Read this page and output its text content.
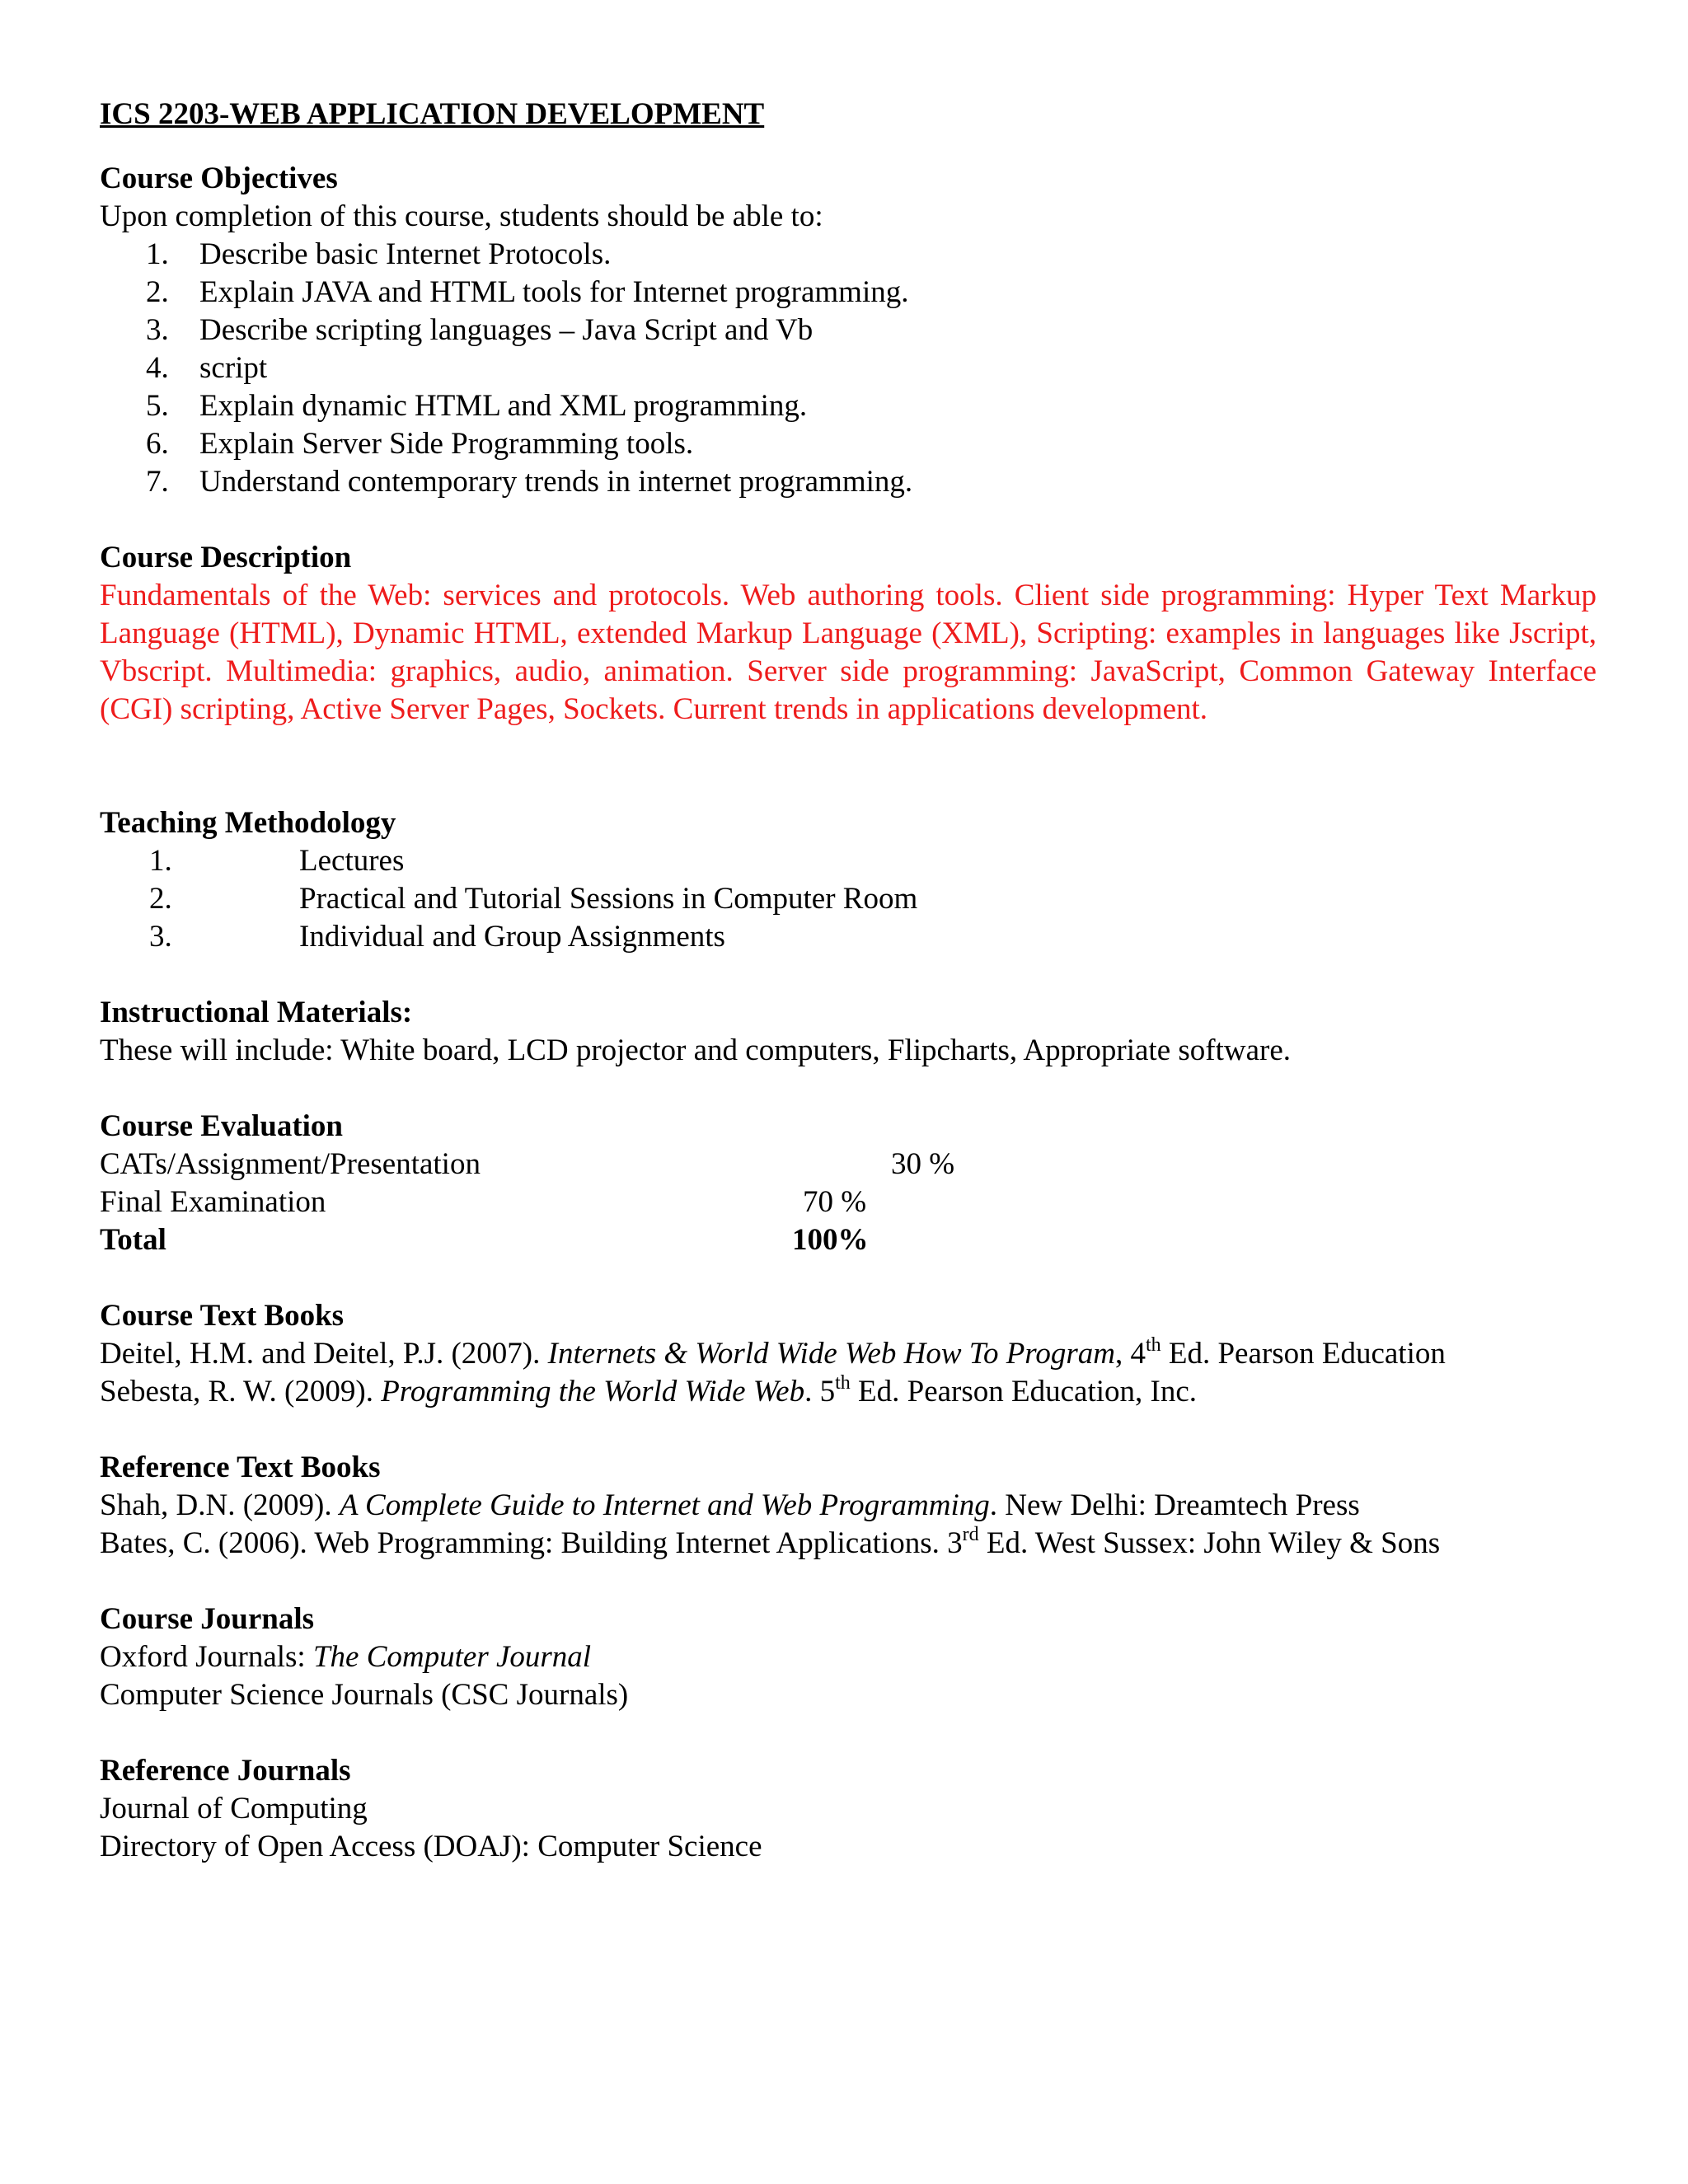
ICS 2203-WEB APPLICATION DEVELOPMENT

Course Objectives

Upon completion of this course, students should be able to:

1. Describe basic Internet Protocols.
2. Explain JAVA and HTML tools for Internet programming.
3. Describe scripting languages – Java Script and Vb
4. script
5. Explain dynamic HTML and XML programming.
6. Explain Server Side Programming tools.
7. Understand contemporary trends in internet programming.

Course Description

Fundamentals of the Web: services and protocols. Web authoring tools. Client side programming: Hyper Text Markup Language (HTML), Dynamic HTML, extended Markup Language (XML), Scripting: examples in languages like Jscript, Vbscript. Multimedia: graphics, audio, animation. Server side programming: JavaScript, Common Gateway Interface (CGI) scripting, Active Server Pages, Sockets. Current trends in applications development.

Teaching Methodology

1.	Lectures
2.	Practical and Tutorial Sessions in Computer Room
3.	Individual and Group Assignments

Instructional Materials:

These will include: White board, LCD projector and computers, Flipcharts, Appropriate software.

Course Evaluation

CATs/Assignment/Presentation	30 %
Final Examination	70 %
Total	100%

Course Text Books

Deitel, H.M. and Deitel, P.J. (2007). Internets & World Wide Web How To Program, 4th Ed. Pearson Education

Sebesta, R. W. (2009). Programming the World Wide Web. 5th Ed. Pearson Education, Inc.

Reference Text Books

Shah, D.N. (2009). A Complete Guide to Internet and Web Programming. New Delhi: Dreamtech Press

Bates, C. (2006). Web Programming: Building Internet Applications. 3rd Ed. West Sussex: John Wiley & Sons

Course Journals

Oxford Journals: The Computer Journal

Computer Science Journals (CSC Journals)

Reference Journals

Journal of Computing

Directory of Open Access (DOAJ): Computer Science
